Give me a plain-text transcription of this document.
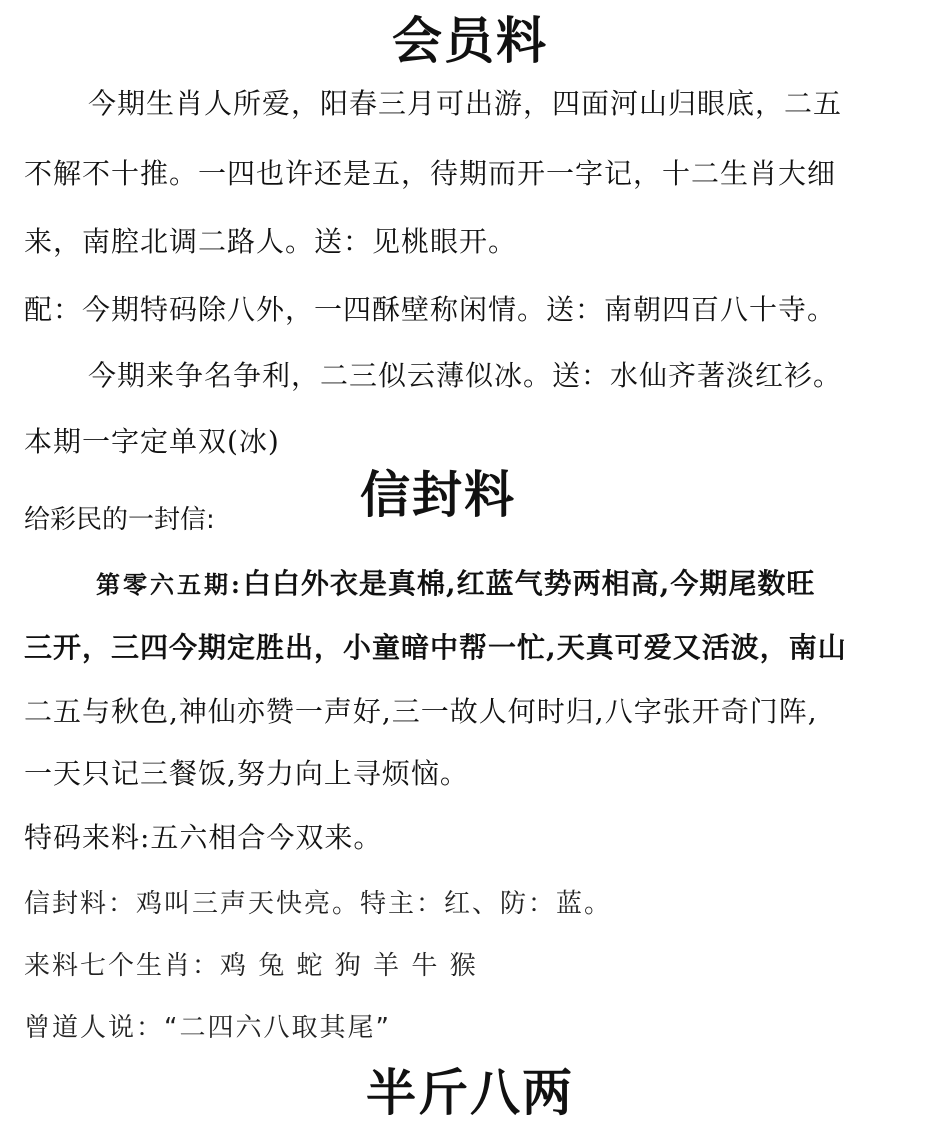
会员料
今期生肖人所爱，阳春三月可出游，四面河山归眼底，二五
不解不十推。一四也许还是五，待期而开一字记，十二生肖大细
来，南腔北调二路人。送：见桃眼开。
配：今期特码除八外，一四酥壁称闲情。送：南朝四百八十寺。
今期来争名争利，二三似云薄似冰。送：水仙齐著淡红衫。
本期一字定单双(冰)
信封料
给彩民的一封信:
第零六五期:白白外衣是真棉,红蓝气势两相高,今期尾数旺
三开，三四今期定胜出，小童暗中帮一忙,天真可爱又活波，南山
二五与秋色,神仙亦赞一声好,三一故人何时归,八字张开奇门阵,
一天只记三餐饭,努力向上寻烦恼。
特码来料:五六相合今双来。
信封料：鸡叫三声天快亮。特主：红、防：蓝。
来料七个生肖：鸡 兔 蛇 狗 羊 牛 猴
曾道人说：“二四六八取其尾”
半斤八两
